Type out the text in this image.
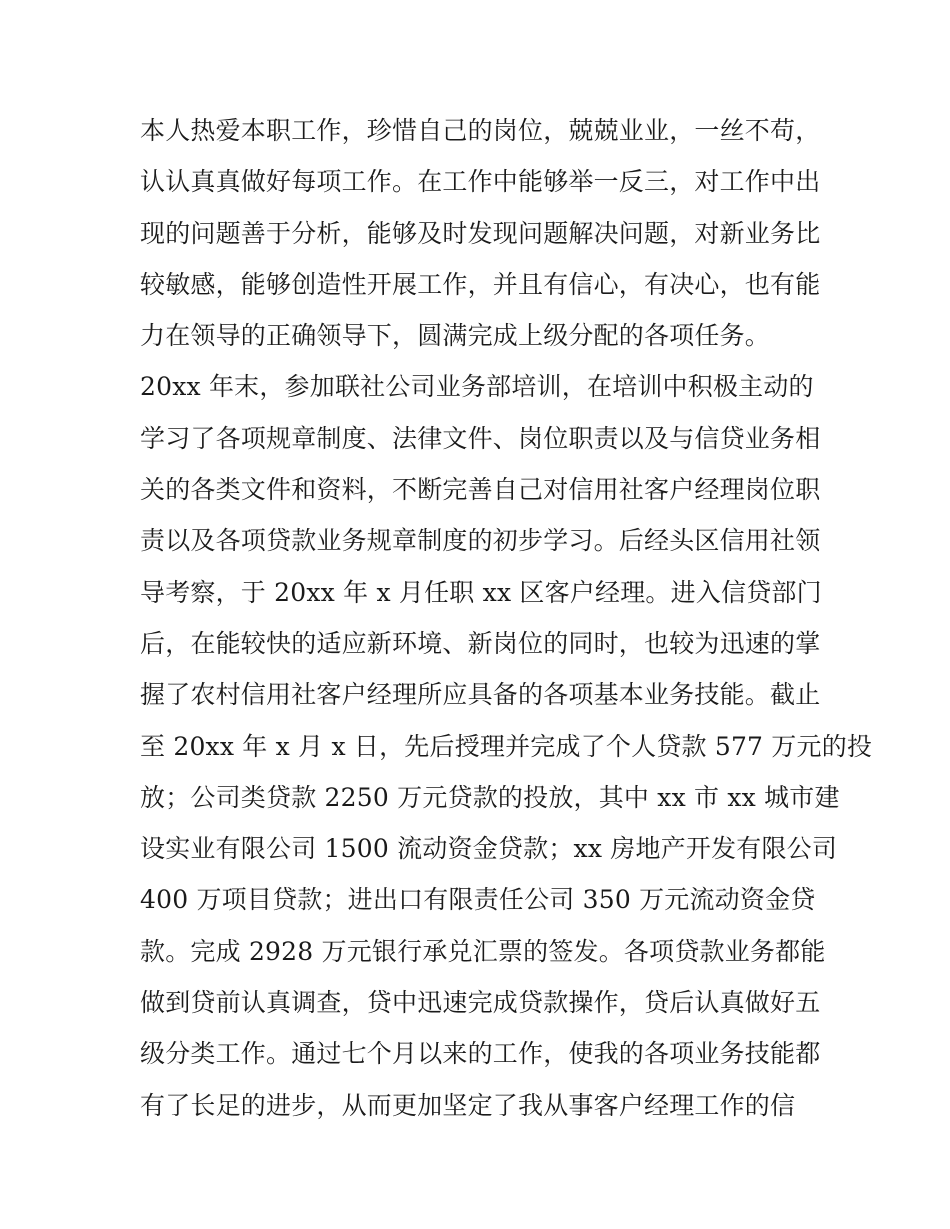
本人热爱本职工作，珍惜自己的岗位，兢兢业业，一丝不苟，
认认真真做好每项工作。在工作中能够举一反三，对工作中出
现的问题善于分析，能够及时发现问题解决问题，对新业务比
较敏感，能够创造性开展工作，并且有信心，有决心，也有能
力在领导的正确领导下，圆满完成上级分配的各项任务。
20xx 年末，参加联社公司业务部培训，在培训中积极主动的
学习了各项规章制度、法律文件、岗位职责以及与信贷业务相
关的各类文件和资料，不断完善自己对信用社客户经理岗位职
责以及各项贷款业务规章制度的初步学习。后经头区信用社领
导考察，于 20xx 年 x 月任职 xx 区客户经理。进入信贷部门
后，在能较快的适应新环境、新岗位的同时，也较为迅速的掌
握了农村信用社客户经理所应具备的各项基本业务技能。截止
至 20xx 年 x 月 x 日，先后授理并完成了个人贷款 577 万元的投
放；公司类贷款 2250 万元贷款的投放，其中 xx 市 xx 城市建
设实业有限公司 1500 流动资金贷款；xx 房地产开发有限公司
400 万项目贷款；进出口有限责任公司 350 万元流动资金贷
款。完成 2928 万元银行承兑汇票的签发。各项贷款业务都能
做到贷前认真调查，贷中迅速完成贷款操作，贷后认真做好五
级分类工作。通过七个月以来的工作，使我的各项业务技能都
有了长足的进步，从而更加坚定了我从事客户经理工作的信
